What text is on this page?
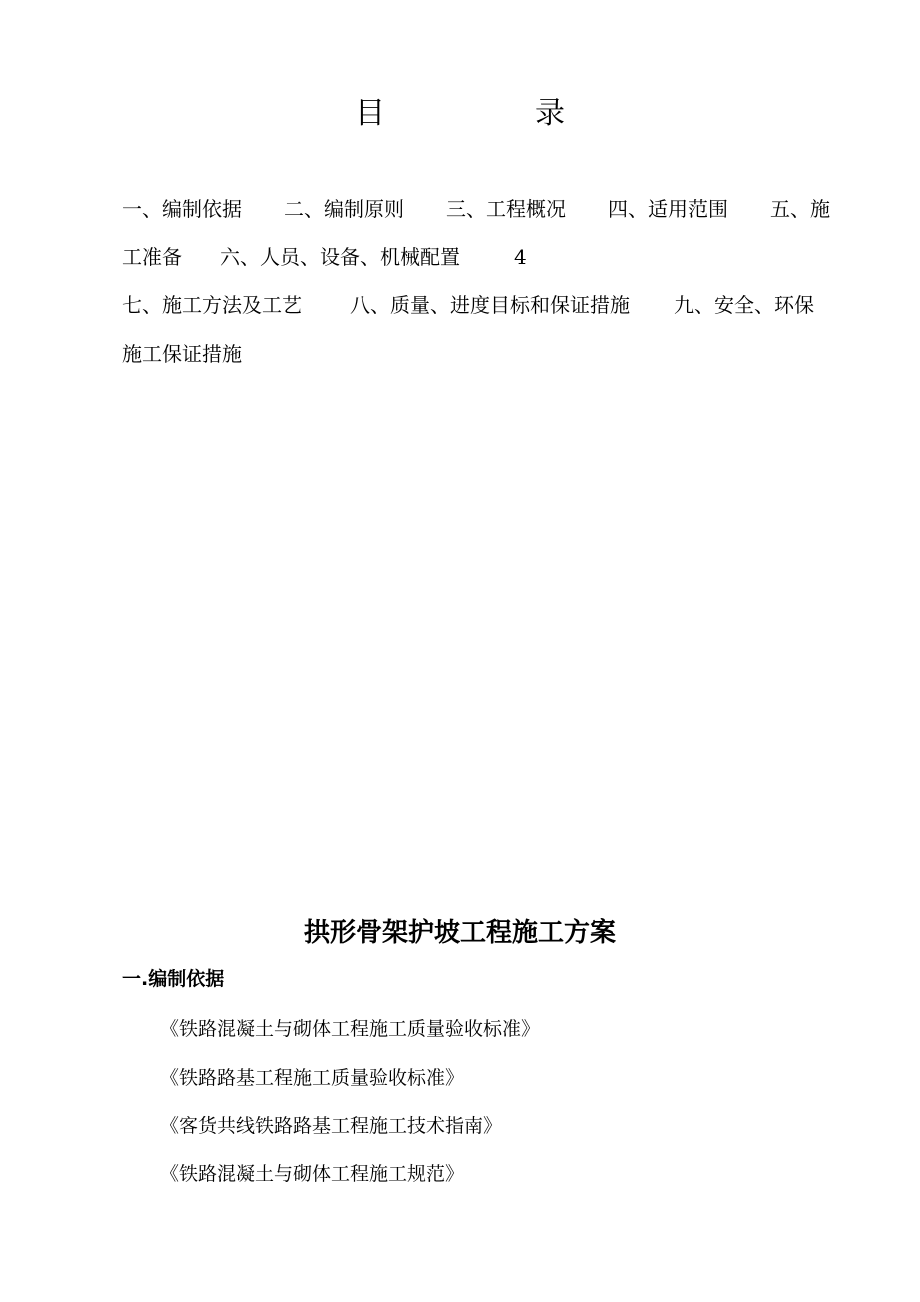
目	录
一、编制依据 二、编制原则 三、工程概况 四、适用范围 五、施
工准备 六、人员、设备、机械配置	4
七、施工方法及工艺 八、质量、进度目标和保证措施 九、安全、环保
施工保证措施
拱形骨架护坡工程施工方案
一.编制依据
《铁路混凝土与砌体工程施工质量验收标准》
《铁路路基工程施工质量验收标准》
《客货共线铁路路基工程施工技术指南》
《铁路混凝土与砌体工程施工规范》
